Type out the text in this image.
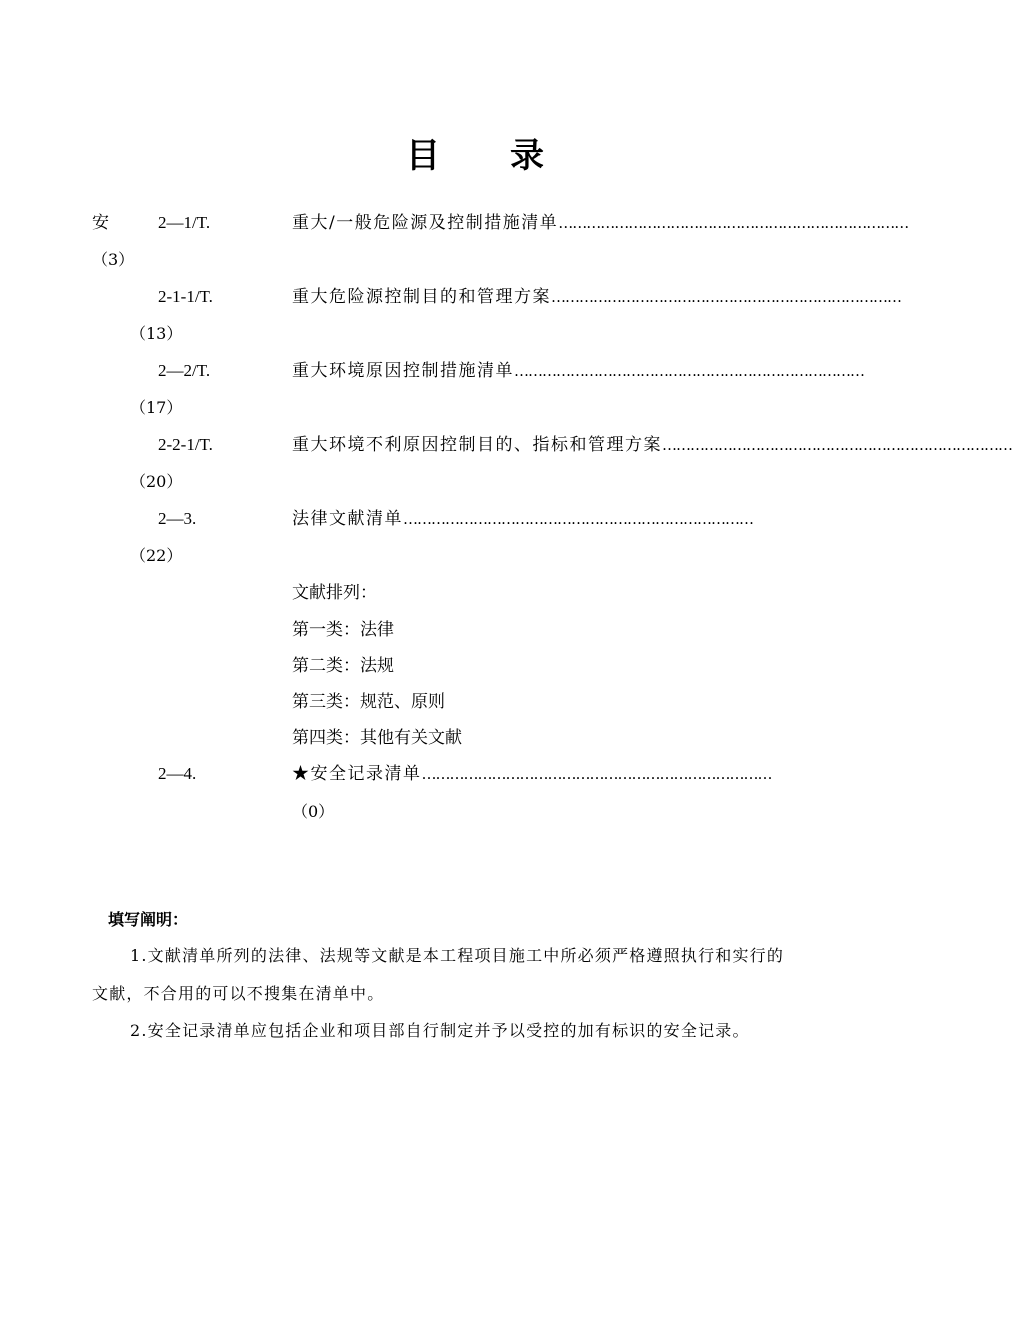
目 录
安	2—1/T.	重大/一般危险源及控制措施清单 …………………………………………………………………
（3）
2-1-1/T.	重大危险源控制目的和管理方案 …………………………………………………………………
（13）
2—2/T.	重大环境原因控制措施清单 …………………………………………………………………
（17）
2-2-1/T.	重大环境不利原因控制目的、指标和管理方案 …………………………………………………………………
（20）
2—3.	法律文献清单 …………………………………………………………………
（22）
文献排列：
第一类：法律
第二类：法规
第三类：规范、原则
第四类：其他有关文献
2—4.	★安全记录清单 …………………………………………………………………
（0）
填写阐明：
1.文献清单所列的法律、法规等文献是本工程项目施工中所必须严格遵照执行和实行的
文献，不合用的可以不搜集在清单中。
2.安全记录清单应包括企业和项目部自行制定并予以受控的加有标识的安全记录。
